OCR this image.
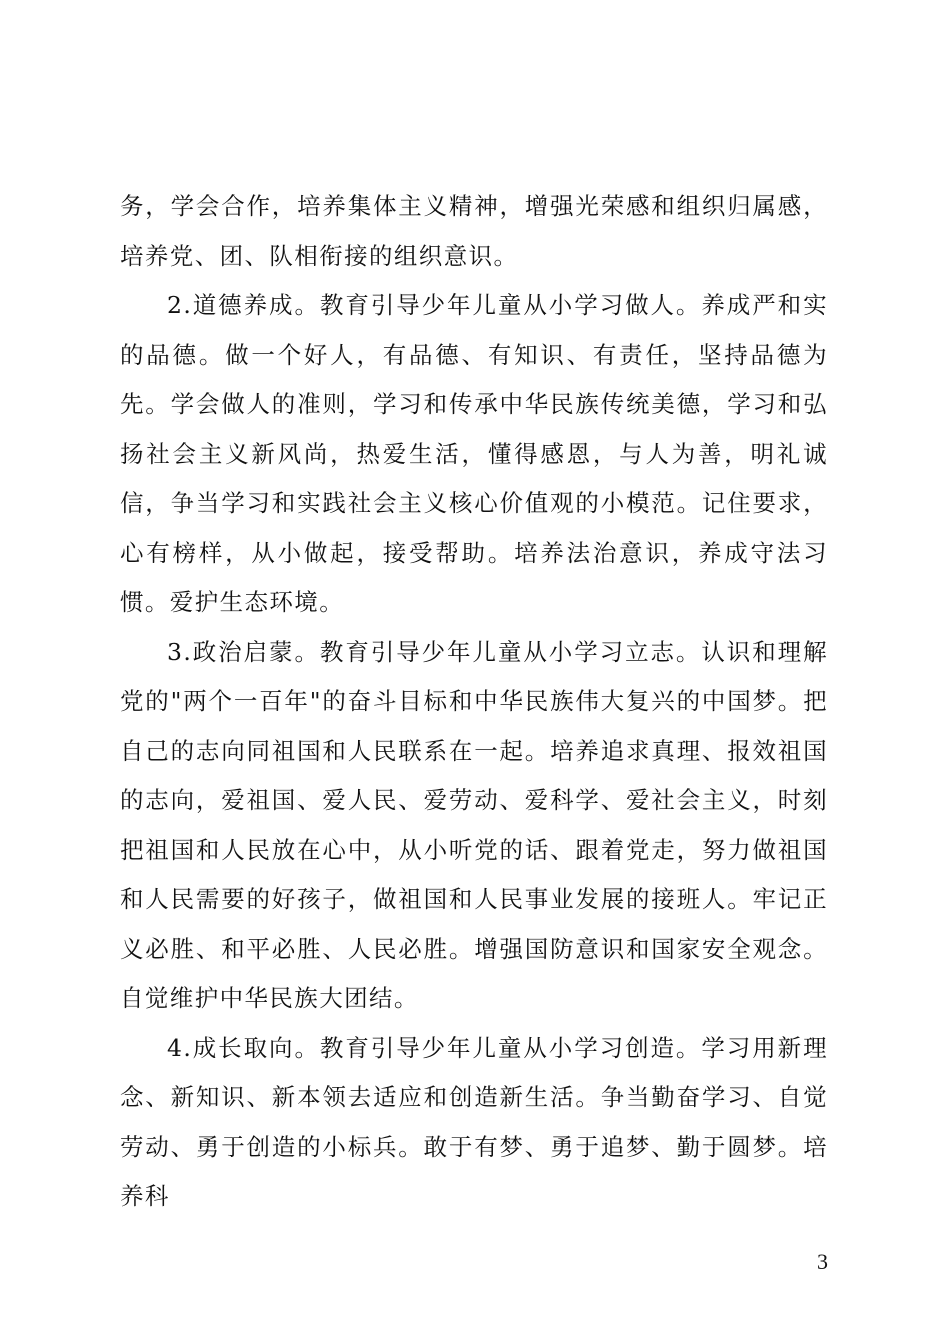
务，学会合作，培养集体主义精神，增强光荣感和组织归属感，培养党、团、队相衔接的组织意识。

2.道德养成。教育引导少年儿童从小学习做人。养成严和实的品德。做一个好人，有品德、有知识、有责任，坚持品德为先。学会做人的准则，学习和传承中华民族传统美德，学习和弘扬社会主义新风尚，热爱生活，懂得感恩，与人为善，明礼诚信，争当学习和实践社会主义核心价值观的小模范。记住要求，心有榜样，从小做起，接受帮助。培养法治意识，养成守法习惯。爱护生态环境。

3.政治启蒙。教育引导少年儿童从小学习立志。认识和理解党的"两个一百年"的奋斗目标和中华民族伟大复兴的中国梦。把自己的志向同祖国和人民联系在一起。培养追求真理、报效祖国的志向，爱祖国、爱人民、爱劳动、爱科学、爱社会主义，时刻把祖国和人民放在心中，从小听党的话、跟着党走，努力做祖国和人民需要的好孩子，做祖国和人民事业发展的接班人。牢记正义必胜、和平必胜、人民必胜。增强国防意识和国家安全观念。自觉维护中华民族大团结。

4.成长取向。教育引导少年儿童从小学习创造。学习用新理念、新知识、新本领去适应和创造新生活。争当勤奋学习、自觉劳动、勇于创造的小标兵。敢于有梦、勇于追梦、勤于圆梦。培养科

3
